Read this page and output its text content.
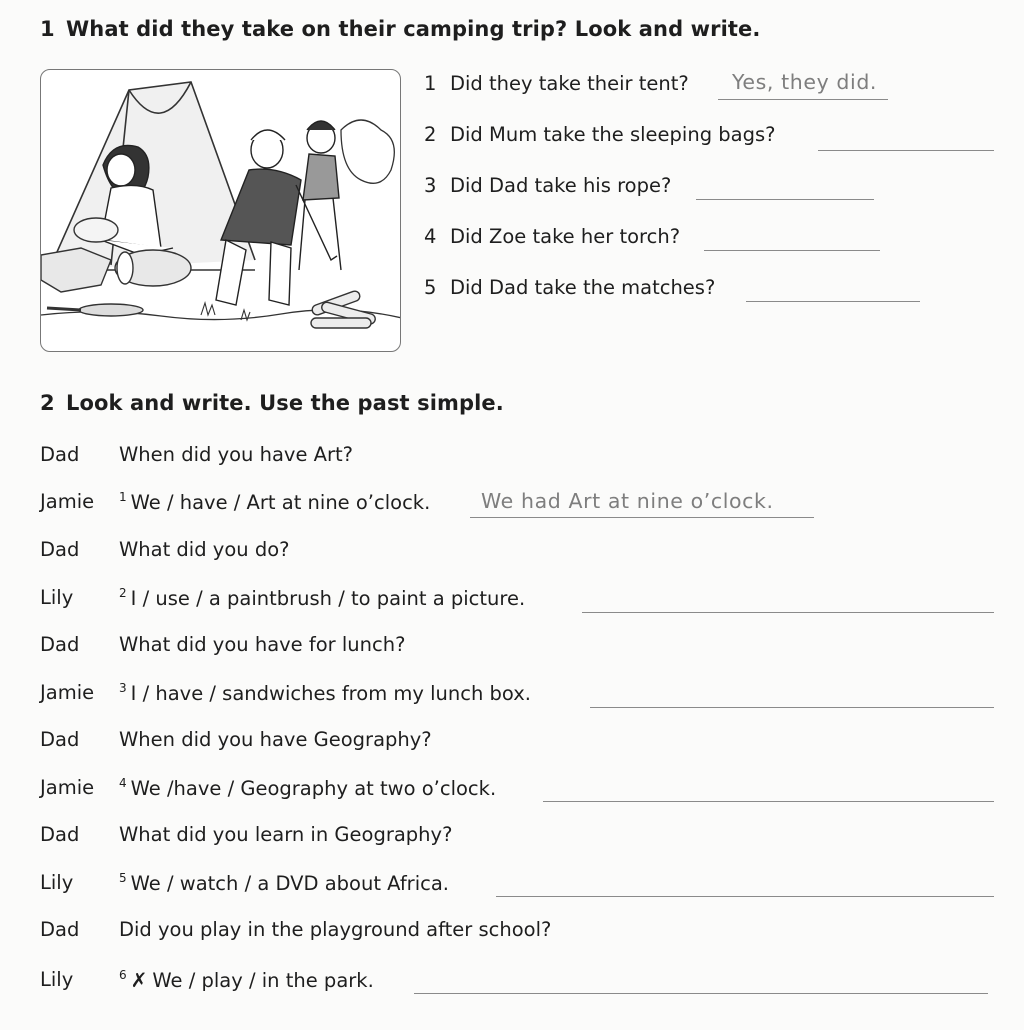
1 What did they take on their camping trip? Look and write.
1 Did they take their tent? Yes, they did.
2 Did Mum take the sleeping bags?
3 Did Dad take his rope?
4 Did Zoe take her torch?
5 Did Dad take the matches?
2 Look and write. Use the past simple.
Dad When did you have Art?
Jamie $^1$ We / have / Art at nine o’clock. We had Art at nine o’clock.
Dad What did you do?
Lily	$^2$ I / use / a paintbrush / to paint a picture.
Dad What did you have for lunch?
Jamie $^3$ I / have / sandwiches from my lunch box.
Dad When did you have Geography?
Jamie $^4$ We /have / Geography at two o’clock.
Dad What did you learn in Geography?
Lily	$^5$ We / watch / a DVD about Africa.
Dad Did you play in the playground after school?
Lily	$^6$ ✗ We / play / in the park.
